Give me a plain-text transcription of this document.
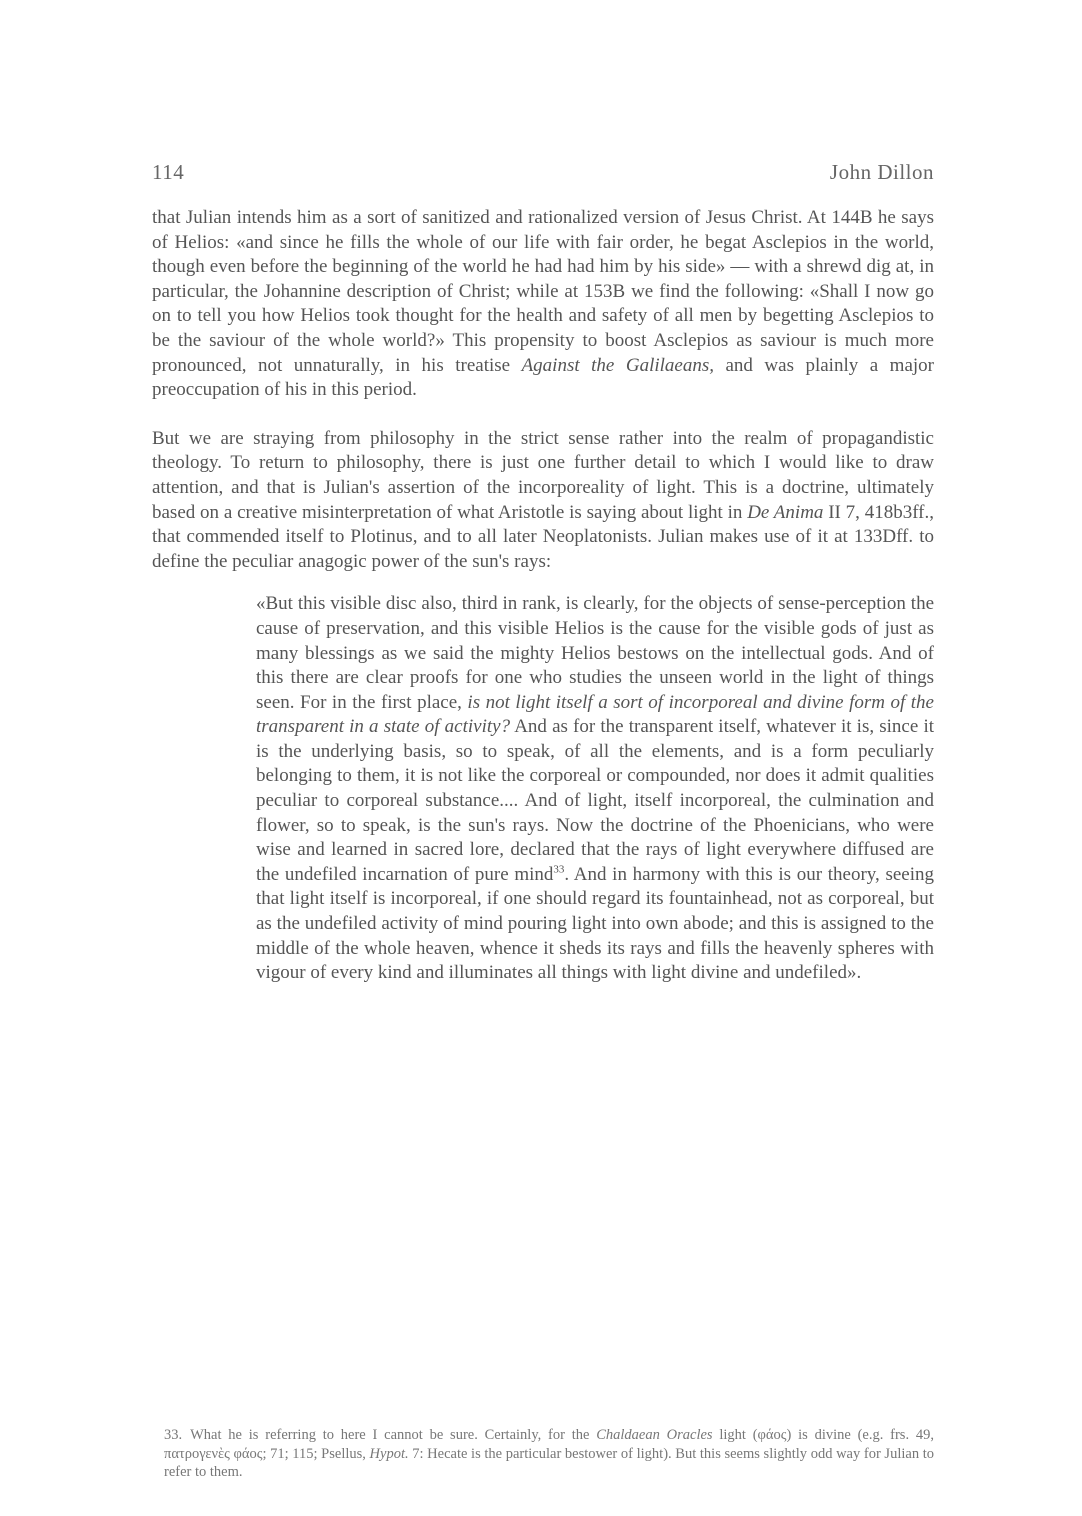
114	John Dillon

that Julian intends him as a sort of sanitized and rationalized version of Jesus Christ. At 144B he says of Helios: «and since he fills the whole of our life with fair order, he begat Asclepios in the world, though even before the beginning of the world he had had him by his side» — with a shrewd dig at, in particular, the Johannine description of Christ; while at 153B we find the following: «Shall I now go on to tell you how Helios took thought for the health and safety of all men by begetting Asclepios to be the saviour of the whole world?» This propensity to boost Asclepios as saviour is much more pronounced, not unnaturally, in his treatise Against the Galilaeans, and was plainly a major preoccupation of his in this period.

But we are straying from philosophy in the strict sense rather into the realm of propagandistic theology. To return to philosophy, there is just one further detail to which I would like to draw attention, and that is Julian's assertion of the incorporeality of light. This is a doctrine, ultimately based on a creative misinterpretation of what Aristotle is saying about light in De Anima II 7, 418b3ff., that commended itself to Plotinus, and to all later Neoplatonists. Julian makes use of it at 133Dff. to define the peculiar anagogic power of the sun's rays:

«But this visible disc also, third in rank, is clearly, for the objects of sense-perception the cause of preservation, and this visible Helios is the cause for the visible gods of just as many blessings as we said the mighty Helios bestows on the intellectual gods. And of this there are clear proofs for one who studies the unseen world in the light of things seen. For in the first place, is not light itself a sort of incorporeal and divine form of the transparent in a state of activity? And as for the transparent itself, whatever it is, since it is the underlying basis, so to speak, of all the elements, and is a form peculiarly belonging to them, it is not like the corporeal or compounded, nor does it admit qualities peculiar to corporeal substance.... And of light, itself incorporeal, the culmination and flower, so to speak, is the sun's rays. Now the doctrine of the Phoenicians, who were wise and learned in sacred lore, declared that the rays of light everywhere diffused are the undefiled incarnation of pure mind$^{33}$. And in harmony with this is our theory, seeing that light itself is incorporeal, if one should regard its fountainhead, not as corporeal, but as the undefiled activity of mind pouring light into own abode; and this is assigned to the middle of the whole heaven, whence it sheds its rays and fills the heavenly spheres with vigour of every kind and illuminates all things with light divine and undefiled».

33. What he is referring to here I cannot be sure. Certainly, for the Chaldaean Oracles light (φάος) is divine (e.g. frs. 49, πατρογενὲς φάος; 71; 115; Psellus, Hypot. 7: Hecate is the particular bestower of light). But this seems slightly odd way for Julian to refer to them.
